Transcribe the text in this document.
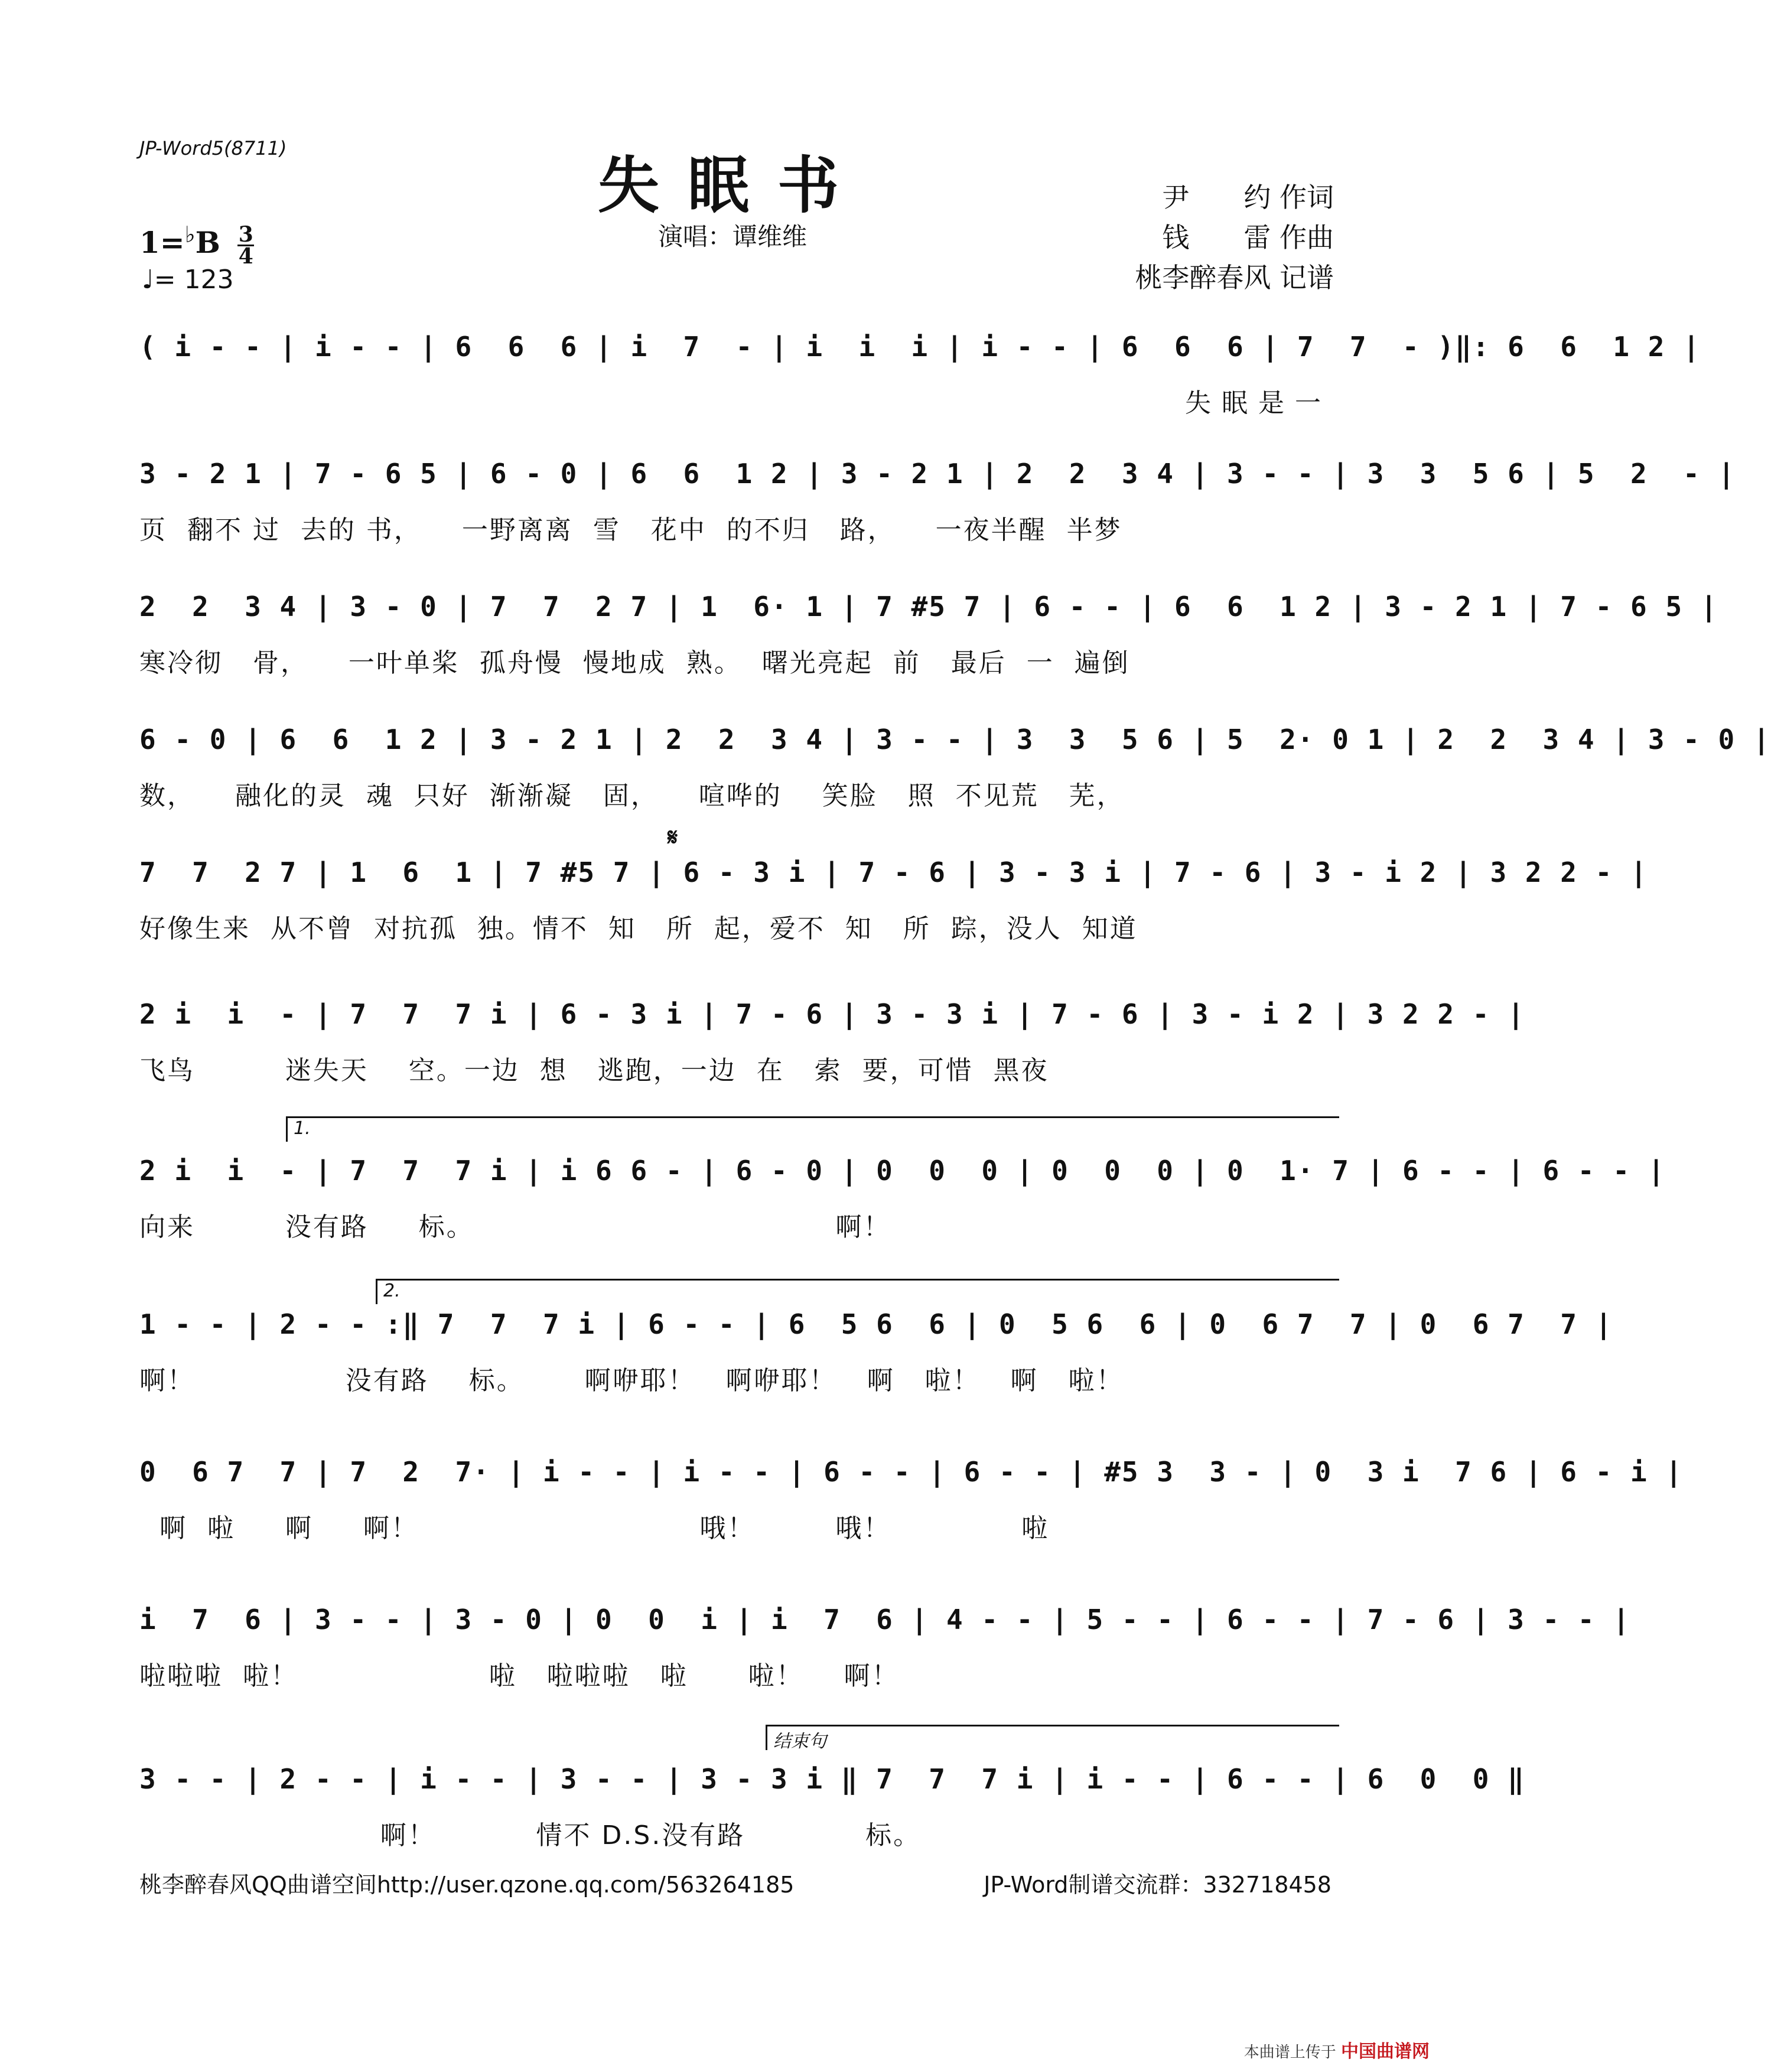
JP-Word5(8711)
失眠书
演唱：谭维维
尹　　约 作词
钱　　雷 作曲
桃李醉春风 记谱
$1=^♭B \frac{3}{4}$
♩= 123
( i - - | i - - | 6  6  6 | i  7  - | i  i  i | i - - | 6  6  6 | 7  7  - )‖: 6  6  1 2 |
失眠是一
3 - 2 1 | 7 - 6 5 | 6 - 0 | 6  6  1 2 | 3 - 2 1 | 2  2  3 4 | 3 - - | 3  3  5 6 | 5  2  - |
页  翻不 过  去的 书，    一野离离  雪   花中  的不归   路，    一夜半醒  半梦
2  2  3 4 | 3 - 0 | 7  7  2 7 | 1  6· 1 | 7 #5 7 | 6 - - | 6  6  1 2 | 3 - 2 1 | 7 - 6 5 |
寒冷彻   骨，    一叶单桨  孤舟慢  慢地成  熟。  曙光亮起  前   最后  一  遍倒
6 - 0 | 6  6  1 2 | 3 - 2 1 | 2  2  3 4 | 3 - - | 3  3  5 6 | 5  2· 0 1 | 2  2  3 4 | 3 - 0 |
数，    融化的灵  魂  只好  渐渐凝   固，    喧哗的    笑脸   照  不见荒   芜，
𝄋
7  7  2 7 | 1  6  1 | 7 #5 7 | 6 - 3 i | 7 - 6 | 3 - 3 i | 7 - 6 | 3 - i 2 | 3 2 2 - |
好像生来  从不曾  对抗孤  独。情不  知   所  起，爱不  知   所  踪，没人  知道
2 i  i  - | 7  7  7 i | 6 - 3 i | 7 - 6 | 3 - 3 i | 7 - 6 | 3 - i 2 | 3 2 2 - |
飞鸟         迷失天    空。一边  想   逃跑，一边  在   索  要，可惜  黑夜
1.
2 i  i  - | 7  7  7 i | i 6 6 - | 6 - 0 | 0  0  0 | 0  0  0 | 0  1· 7 | 6 - - | 6 - - |
向来         没有路     标。                                    啊！
2.
1 - - | 2 - - :‖ 7  7  7 i | 6 - - | 6  5 6  6 | 0  5 6  6 | 0  6 7  7 | 0  6 7  7 |
啊！               没有路    标。      啊咿耶！   啊咿耶！   啊   啦！   啊   啦！
0  6 7  7 | 7  2  7· | i - - | i - - | 6 - - | 6 - - | #5 3  3 - | 0  3 i  7 6 | 6 - i |
啊  啦     啊     啊！                            哦！        哦！             啦
i  7  6 | 3 - - | 3 - 0 | 0  0  i | i  7  6 | 4 - - | 5 - - | 6 - - | 7 - 6 | 3 - - |
啦啦啦  啦！                   啦   啦啦啦   啦      啦！    啊！
结束句
3 - - | 2 - - | i - - | 3 - - | 3 - 3 i ‖ 7  7  7 i | i - - | 6 - - | 6  0  0 ‖
啊！          情不 D.S.没有路            标。
桃李醉春风QQ曲谱空间http://user.qzone.qq.com/563264185	JP-Word制谱交流群：332718458
本曲谱上传于 中国曲谱网
